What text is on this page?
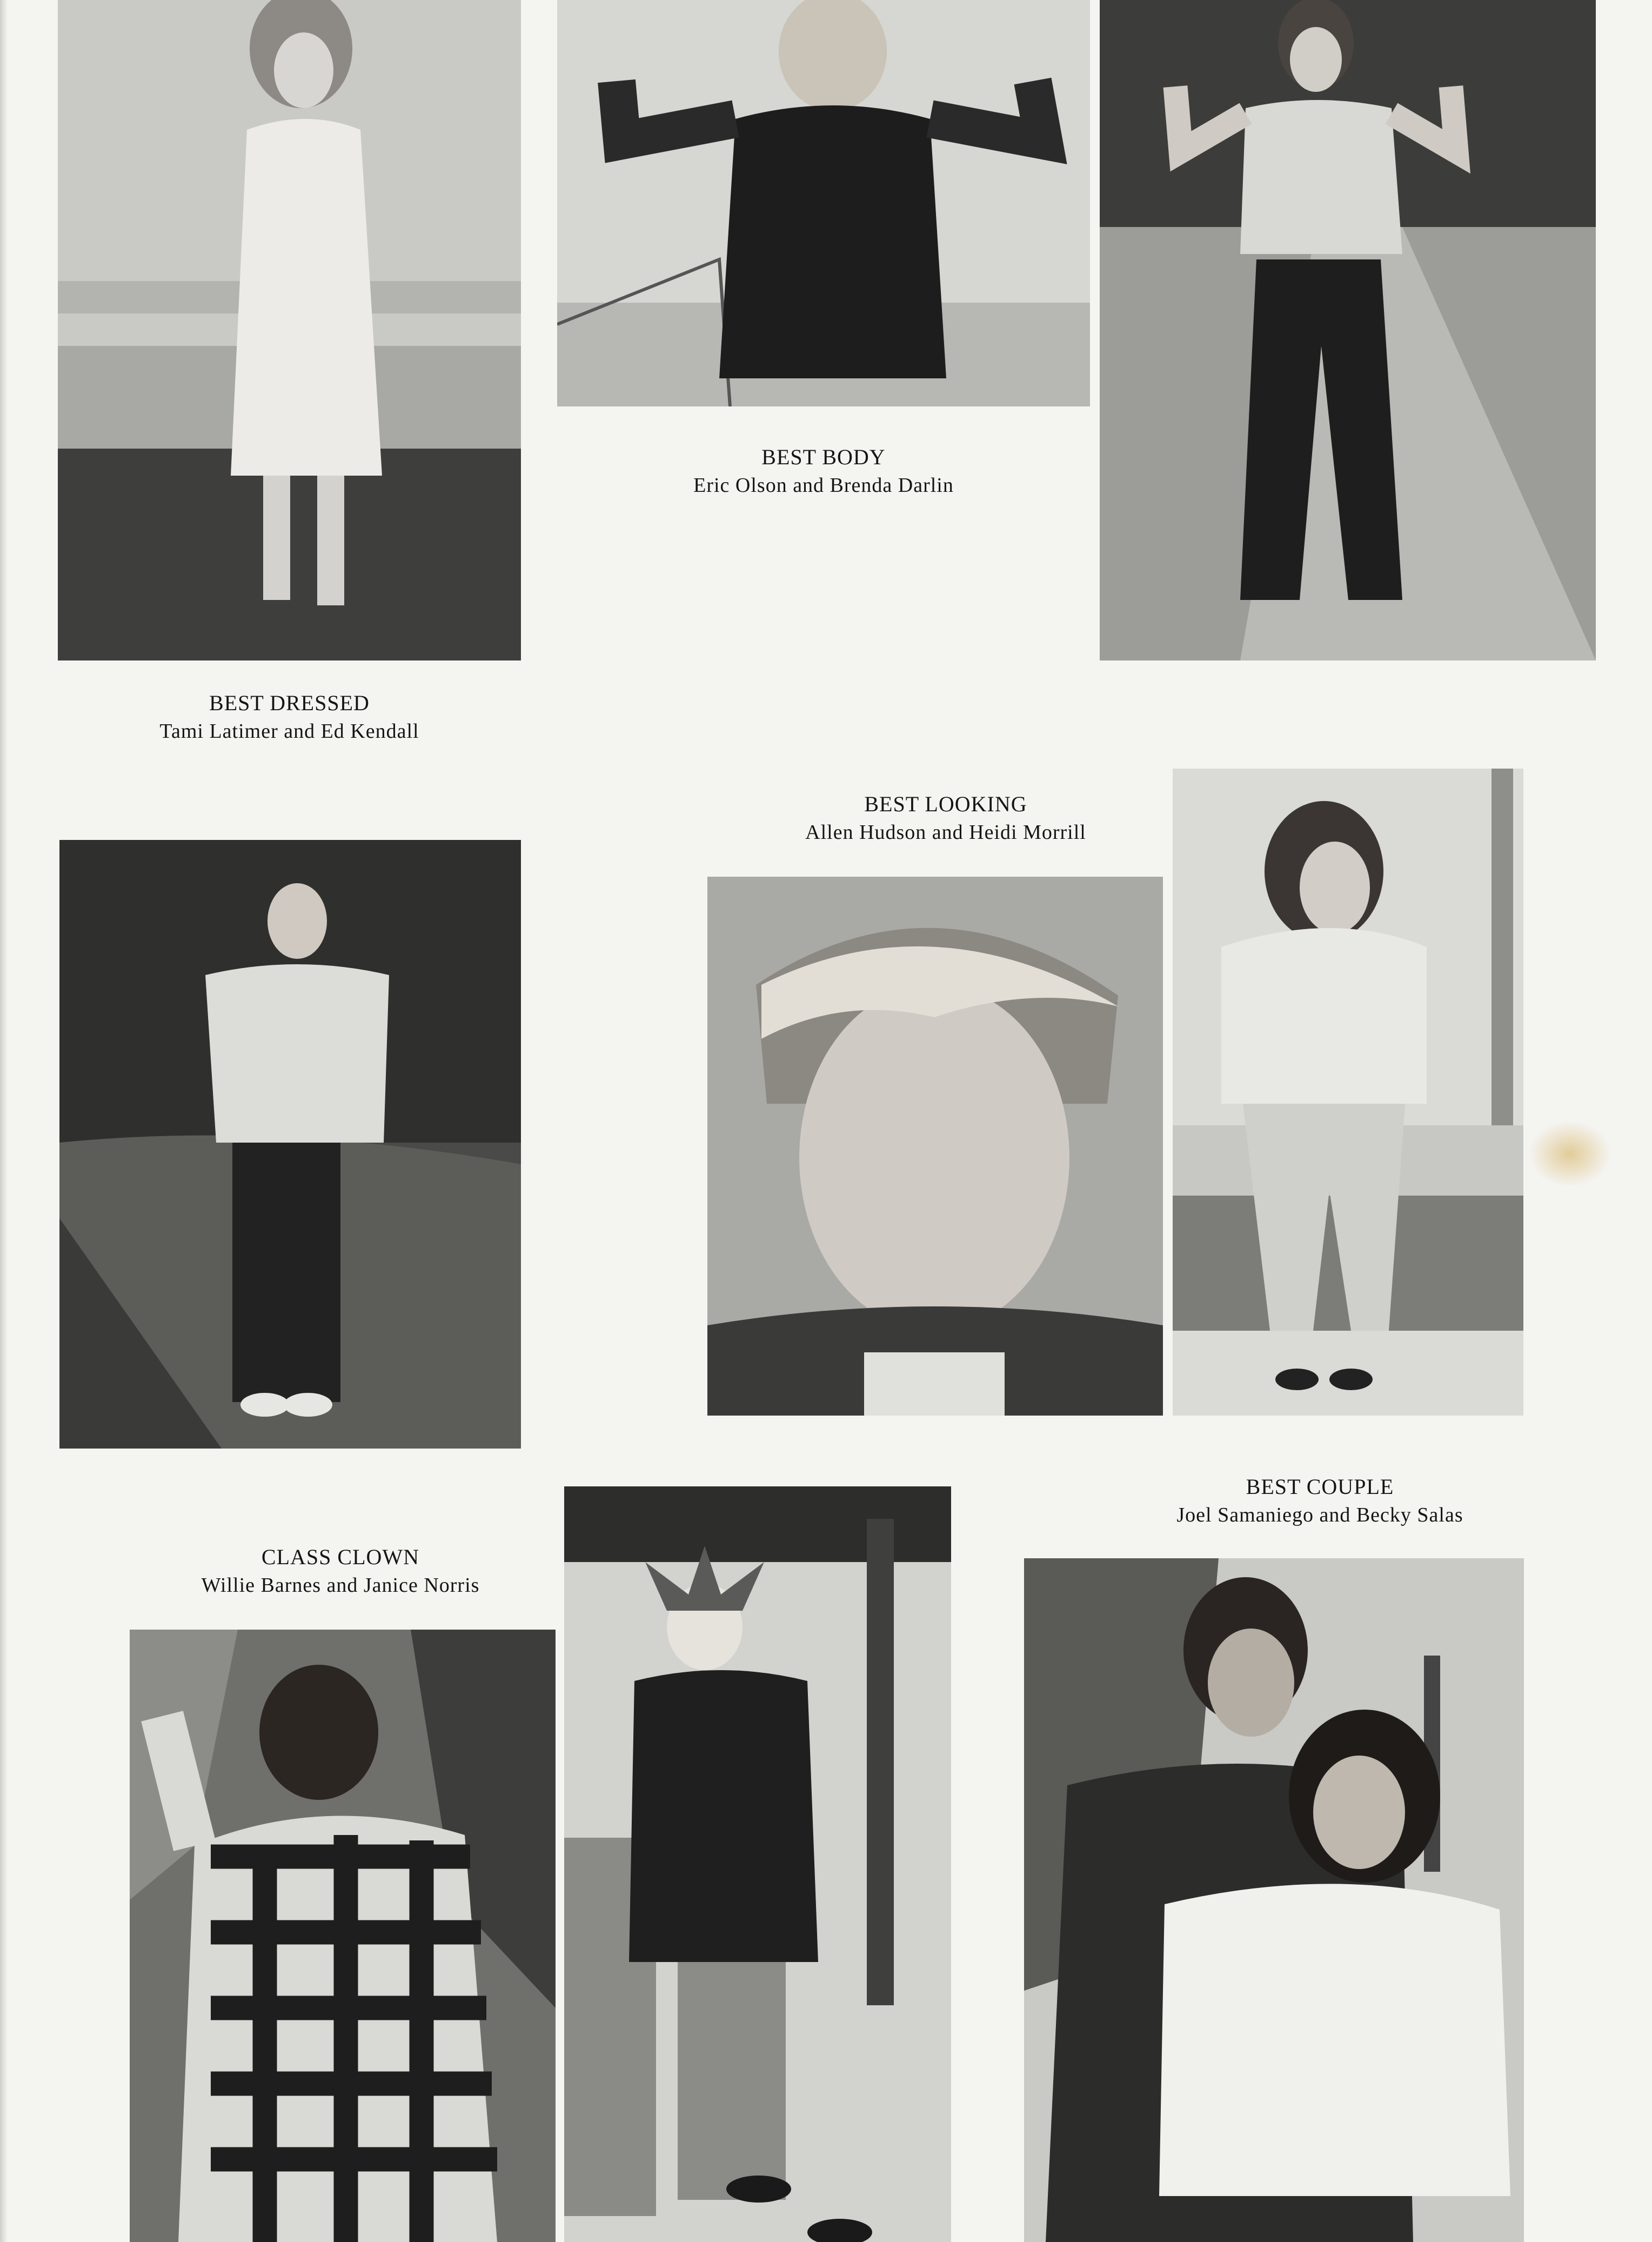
BEST BODY
Eric Olson and Brenda Darlin
BEST DRESSED
Tami Latimer and Ed Kendall
BEST LOOKING
Allen Hudson and Heidi Morrill
BEST COUPLE
Joel Samaniego and Becky Salas
CLASS CLOWN
Willie Barnes and Janice Norris
